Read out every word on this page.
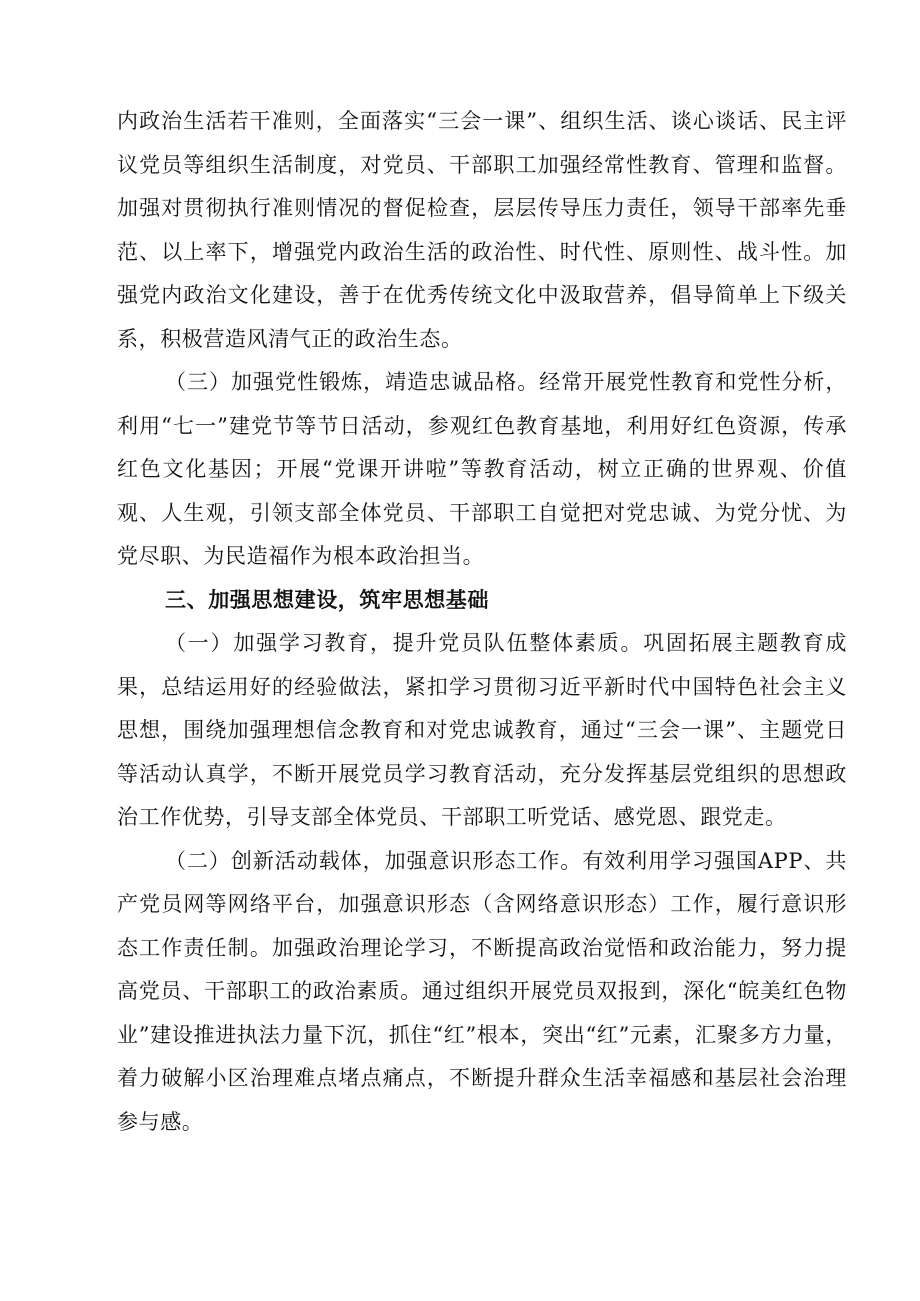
内政治生活若干准则，全面落实“三会一课”、组织生活、谈心谈话、民主评议党员等组织生活制度，对党员、干部职工加强经常性教育、管理和监督。加强对贯彻执行准则情况的督促检查，层层传导压力责任，领导干部率先垂范、以上率下，增强党内政治生活的政治性、时代性、原则性、战斗性。加强党内政治文化建设，善于在优秀传统文化中汲取营养，倡导简单上下级关系，积极营造风清气正的政治生态。

（三）加强党性锻炼，靖造忠诚品格。经常开展党性教育和党性分析，利用“七一”建党节等节日活动，参观红色教育基地，利用好红色资源，传承红色文化基因；开展“党课开讲啦”等教育活动，树立正确的世界观、价值观、人生观，引领支部全体党员、干部职工自觉把对党忠诚、为党分忧、为党尽职、为民造福作为根本政治担当。

三、加强思想建设，筑牢思想基础

（一）加强学习教育，提升党员队伍整体素质。巩固拓展主题教育成果，总结运用好的经验做法，紧扣学习贯彻习近平新时代中国特色社会主义思想，围绕加强理想信念教育和对党忠诚教育，通过“三会一课”、主题党日等活动认真学，不断开展党员学习教育活动，充分发挥基层党组织的思想政治工作优势，引导支部全体党员、干部职工听党话、感党恩、跟党走。

（二）创新活动载体，加强意识形态工作。有效利用学习强国APP、共产党员网等网络平台，加强意识形态（含网络意识形态）工作，履行意识形态工作责任制。加强政治理论学习，不断提高政治觉悟和政治能力，努力提高党员、干部职工的政治素质。通过组织开展党员双报到，深化“皖美红色物业”建设推进执法力量下沉，抓住“红”根本，突出“红”元素，汇聚多方力量，着力破解小区治理难点堵点痛点，不断提升群众生活幸福感和基层社会治理参与感。
